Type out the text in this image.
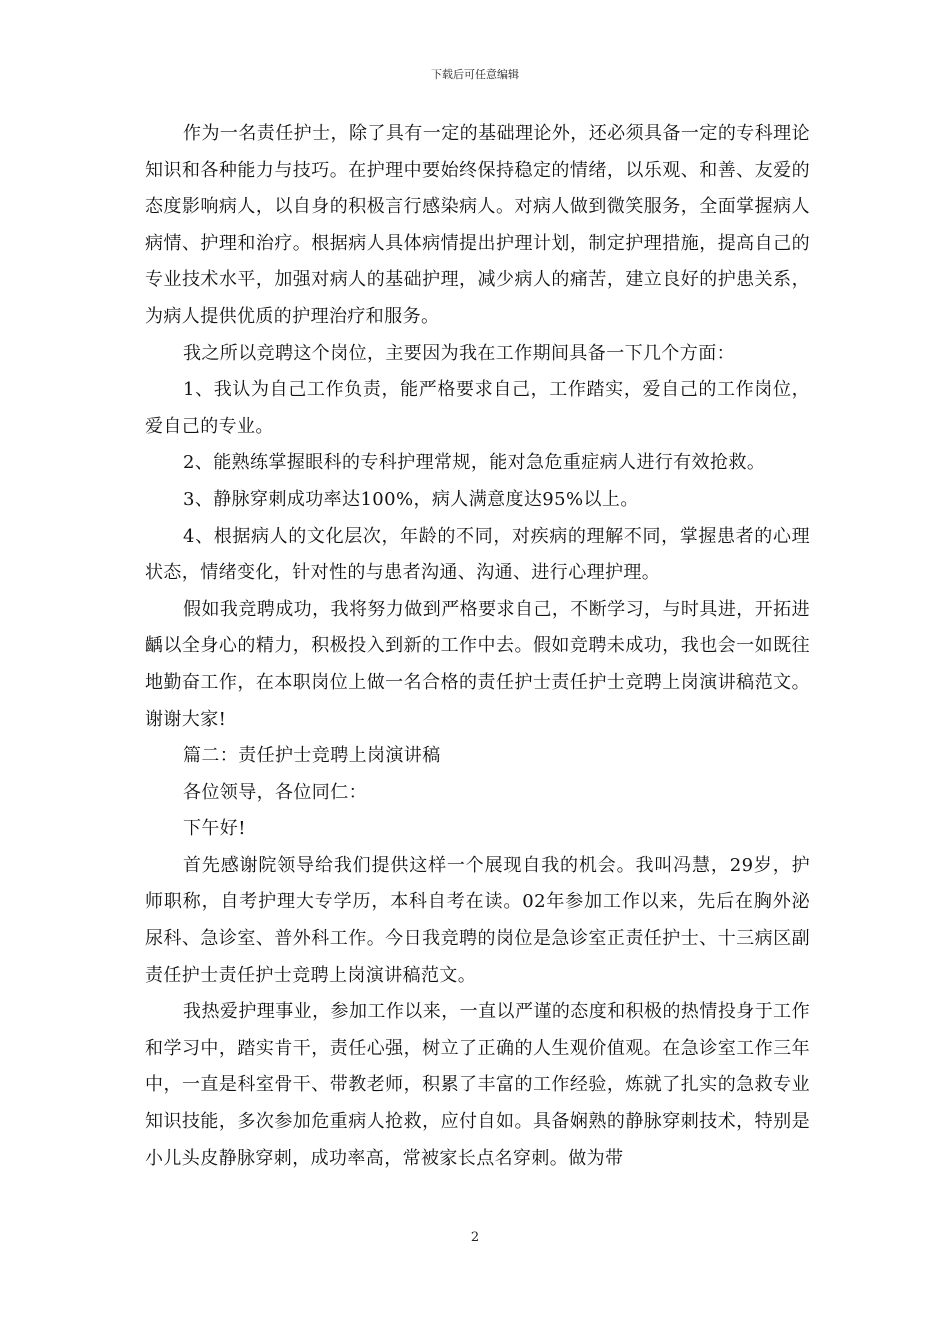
下载后可任意编辑

作为一名责任护士，除了具有一定的基础理论外，还必须具备一定的专科理论知识和各种能力与技巧。在护理中要始终保持稳定的情绪，以乐观、和善、友爱的态度影响病人，以自身的积极言行感染病人。对病人做到微笑服务，全面掌握病人病情、护理和治疗。根据病人具体病情提出护理计划，制定护理措施，提高自己的专业技术水平，加强对病人的基础护理，减少病人的痛苦，建立良好的护患关系，为病人提供优质的护理治疗和服务。

我之所以竞聘这个岗位，主要因为我在工作期间具备一下几个方面：

1、我认为自己工作负责，能严格要求自己，工作踏实，爱自己的工作岗位，爱自己的专业。

2、能熟练掌握眼科的专科护理常规，能对急危重症病人进行有效抢救。

3、静脉穿刺成功率达100%，病人满意度达95%以上。

4、根据病人的文化层次，年龄的不同，对疾病的理解不同，掌握患者的心理状态，情绪变化，针对性的与患者沟通、沟通、进行心理护理。

假如我竞聘成功，我将努力做到严格要求自己，不断学习，与时具进，开拓进齲以全身心的精力，积极投入到新的工作中去。假如竞聘未成功，我也会一如既往地勤奋工作，在本职岗位上做一名合格的责任护士责任护士竞聘上岗演讲稿范文。谢谢大家!

篇二：责任护士竞聘上岗演讲稿

各位领导，各位同仁：

下午好!

首先感谢院领导给我们提供这样一个展现自我的机会。我叫冯慧，29岁，护师职称，自考护理大专学历，本科自考在读。02年参加工作以来，先后在胸外泌尿科、急诊室、普外科工作。今日我竞聘的岗位是急诊室正责任护士、十三病区副责任护士责任护士竞聘上岗演讲稿范文。

我热爱护理事业，参加工作以来，一直以严谨的态度和积极的热情投身于工作和学习中，踏实肯干，责任心强，树立了正确的人生观价值观。在急诊室工作三年中，一直是科室骨干、带教老师，积累了丰富的工作经验，炼就了扎实的急救专业知识技能，多次参加危重病人抢救，应付自如。具备娴熟的静脉穿刺技术，特别是小儿头皮静脉穿刺，成功率高，常被家长点名穿刺。做为带

2
